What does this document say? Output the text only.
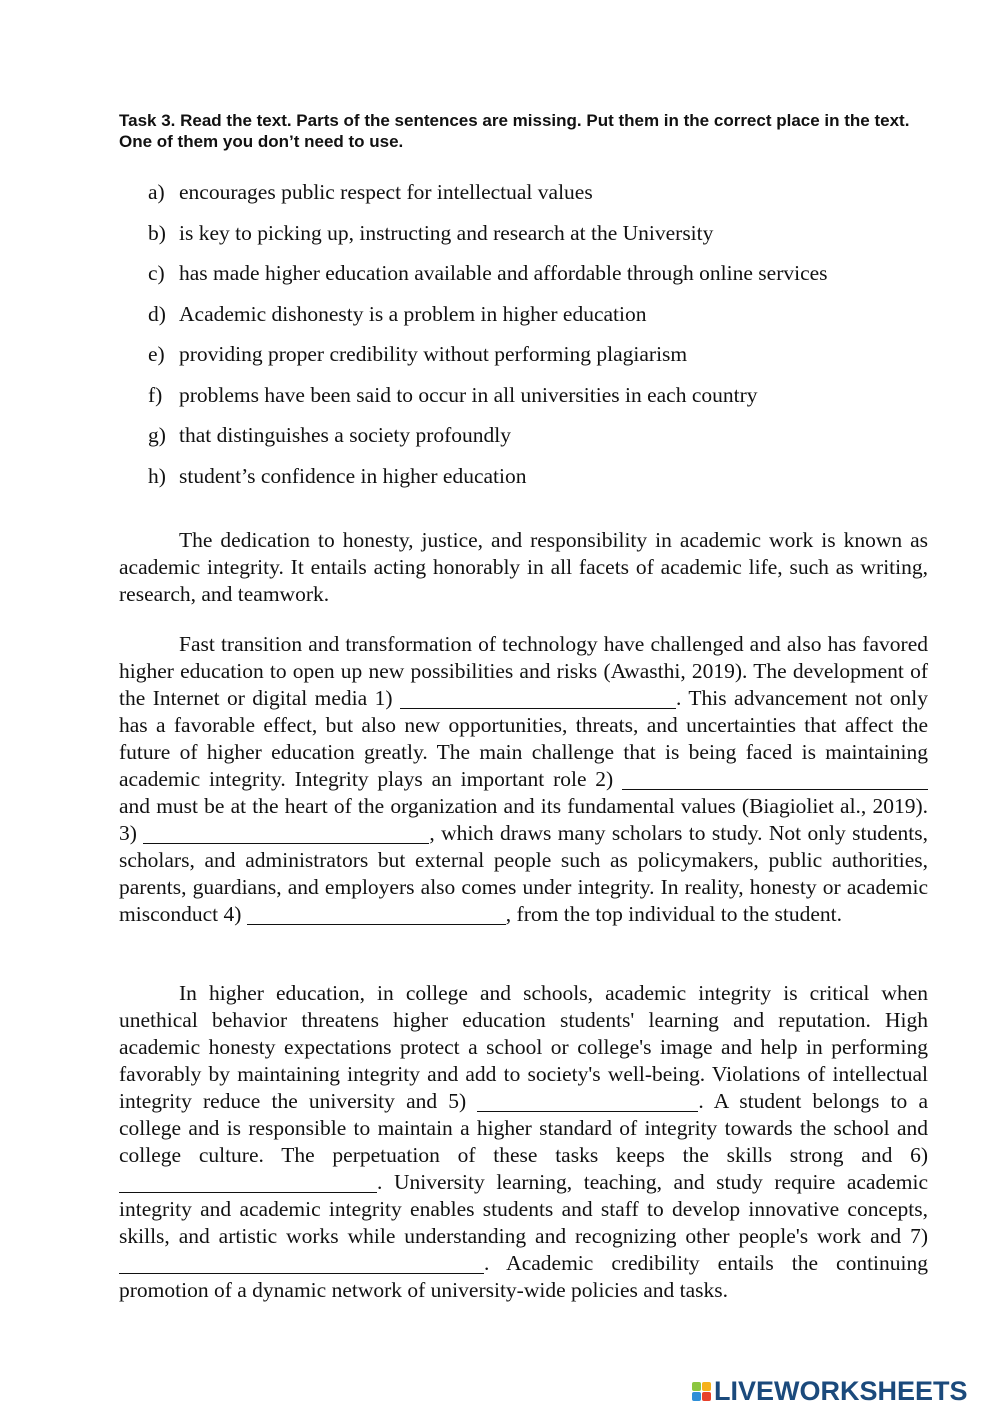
Task 3. Read the text. Parts of the sentences are missing. Put them in the correct place in the text. One of them you don’t need to use.
a) encourages public respect for intellectual values
b) is key to picking up, instructing and research at the University
c) has made higher education available and affordable through online services
d) Academic dishonesty is a problem in higher education
e) providing proper credibility without performing plagiarism
f) problems have been said to occur in all universities in each country
g) that distinguishes a society profoundly
h) student’s confidence in higher education

The dedication to honesty, justice, and responsibility in academic work is known as academic integrity. It entails acting honorably in all facets of academic life, such as writing, research, and teamwork.

Fast transition and transformation of technology have challenged and also has favored higher education to open up new possibilities and risks (Awasthi, 2019). The development of the Internet or digital media 1)	. This advancement not only has a favorable effect, but also new opportunities, threats, and uncertainties that affect the future of higher education greatly. The main challenge that is being faced is maintaining academic integrity. Integrity plays an important role 2)  and must be at the heart of the organization and its fundamental values (Biagioliet al., 2019). 3)	, which draws many scholars to study. Not only students, scholars, and administrators but external people such as policymakers, public authorities, parents, guardians, and employers also comes under integrity. In reality, honesty or academic misconduct 4)	, from the top individual to the student.

In higher education, in college and schools, academic integrity is critical when unethical behavior threatens higher education students' learning and reputation. High academic honesty expectations protect a school or college's image and help in performing favorably by maintaining integrity and add to society's well-being. Violations of intellectual integrity reduce the university and 5)	. A student belongs to a college and is responsible to maintain a higher standard of integrity towards the school and college culture. The perpetuation of these tasks keeps the skills strong and 6) . University learning, teaching, and study require academic integrity and academic integrity enables students and staff to develop innovative concepts, skills, and artistic works while understanding and recognizing other people's work and 7) . Academic credibility entails the continuing promotion of a dynamic network of university-wide policies and tasks.

LIVEWORKSHEETS
